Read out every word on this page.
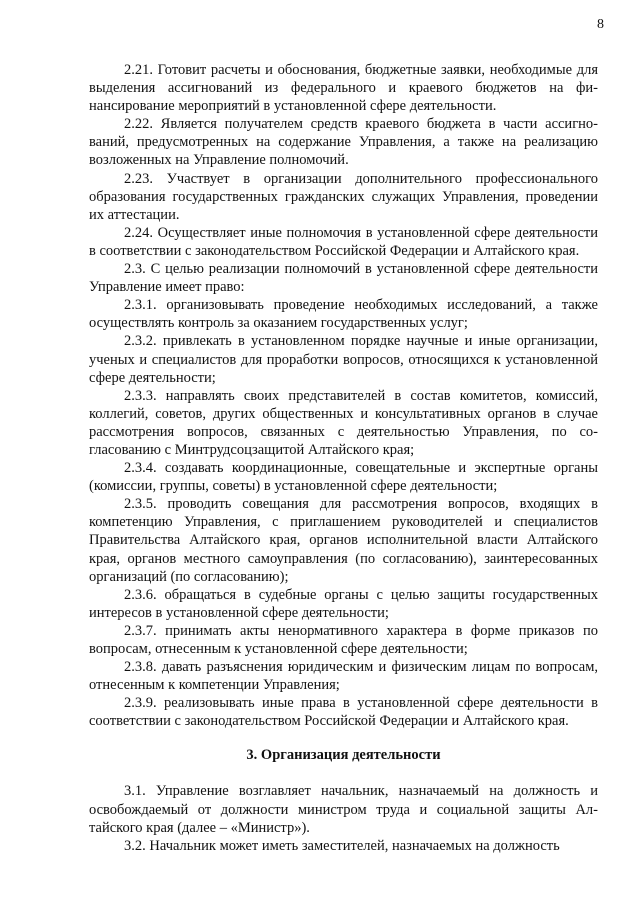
8

2.21. Готовит расчеты и обоснования, бюджетные заявки, необходимые для выделения ассигнований из федерального и краевого бюджетов на финансирование мероприятий в установленной сфере деятельности.

2.22. Является получателем средств краевого бюджета в части ассигнований, предусмотренных на содержание Управления, а также на реализацию возложенных на Управление полномочий.

2.23. Участвует в организации дополнительного профессионального образования государственных гражданских служащих Управления, проведении их аттестации.

2.24. Осуществляет иные полномочия в установленной сфере деятельности в соответствии с законодательством Российской Федерации и Алтайского края.

2.3. С целью реализации полномочий в установленной сфере деятельности Управление имеет право:

2.3.1. организовывать проведение необходимых исследований, а также осуществлять контроль за оказанием государственных услуг;

2.3.2. привлекать в установленном порядке научные и иные организации, ученых и специалистов для проработки вопросов, относящихся к установленной сфере деятельности;

2.3.3. направлять своих представителей в состав комитетов, комиссий, коллегий, советов, других общественных и консультативных органов в случае рассмотрения вопросов, связанных с деятельностью Управления, по согласованию с Минтрудсоцзащитой Алтайского края;

2.3.4. создавать координационные, совещательные и экспертные органы (комиссии, группы, советы) в установленной сфере деятельности;

2.3.5. проводить совещания для рассмотрения вопросов, входящих в компетенцию Управления, с приглашением руководителей и специалистов Правительства Алтайского края, органов исполнительной власти Алтайского края, органов местного самоуправления (по согласованию), заинтересованных организаций (по согласованию);

2.3.6. обращаться в судебные органы с целью защиты государственных интересов в установленной сфере деятельности;

2.3.7. принимать акты ненормативного характера в форме приказов по вопросам, отнесенным к установленной сфере деятельности;

2.3.8. давать разъяснения юридическим и физическим лицам по вопросам, отнесенным к компетенции Управления;

2.3.9. реализовывать иные права в установленной сфере деятельности в соответствии с законодательством Российской Федерации и Алтайского края.

3. Организация деятельности

3.1. Управление возглавляет начальник, назначаемый на должность и освобождаемый от должности министром труда и социальной защиты Алтайского края (далее – «Министр»).

3.2. Начальник может иметь заместителей, назначаемых на должность
